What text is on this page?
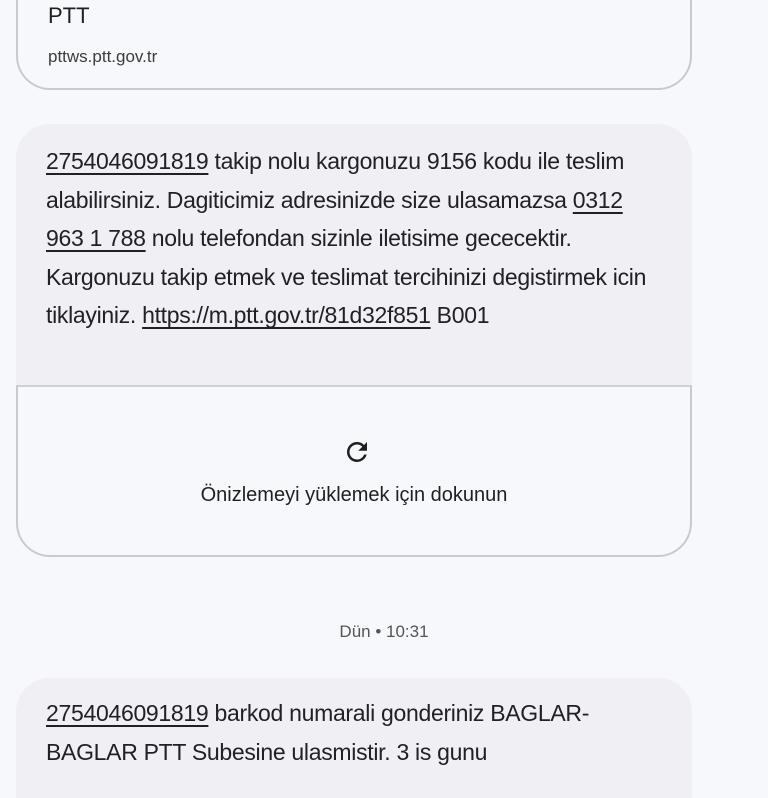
PTT
pttws.ptt.gov.tr
2754046091819 takip nolu kargonuzu 9156 kodu ile teslim alabilirsiniz. Dagiticimiz adresinizde size ulasamazsa 0312 963 1 788 nolu telefondan sizinle iletisime gececektir. Kargonuzu takip etmek ve teslimat tercihinizi degistirmek icin tiklayiniz. https://m.ptt.gov.tr/81d32f851 B001
Önizlemeyi yüklemek için dokunun
Dün • 10:31
2754046091819 barkod numarali gonderiniz BAGLAR-BAGLAR PTT Subesine ulasmistir. 3 is gunu
